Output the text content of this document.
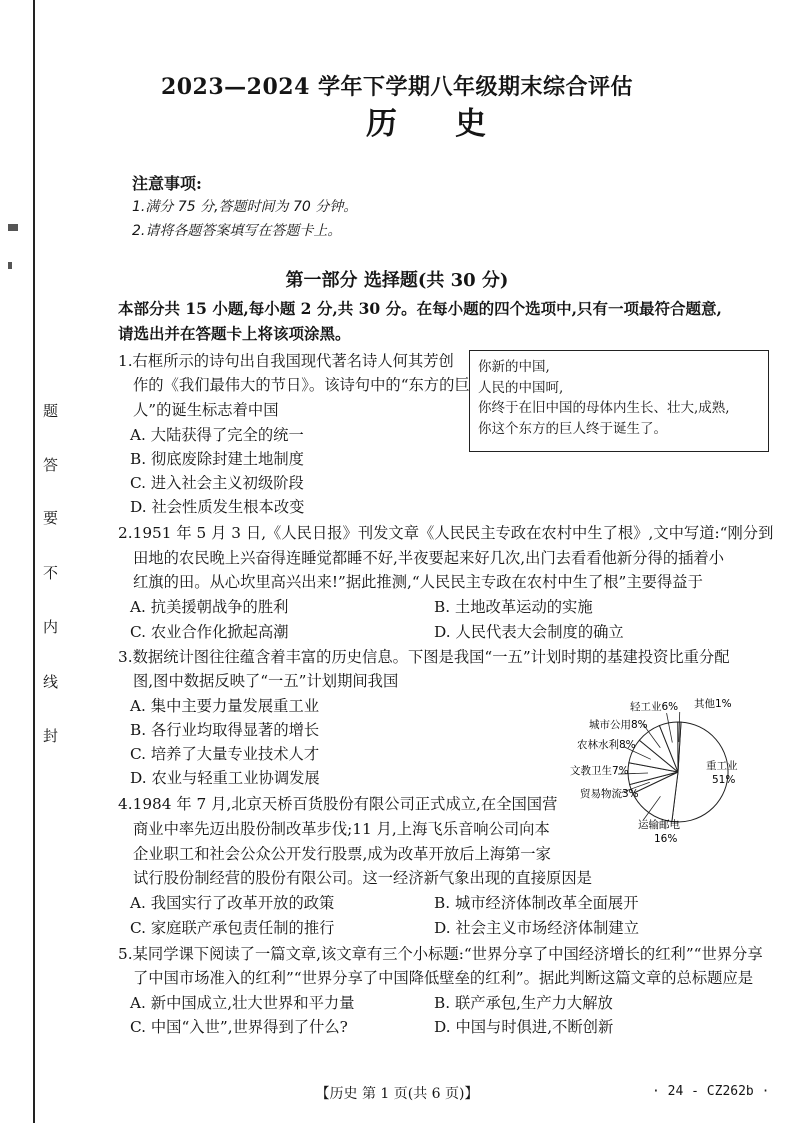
题
答
要
不
内
线
封
2023—2024 学年下学期八年级期末综合评估
历史
注意事项:
1.满分 75 分,答题时间为 70 分钟。
2.请将各题答案填写在答题卡上。
第一部分 选择题(共 30 分)
本部分共 15 小题,每小题 2 分,共 30 分。在每小题的四个选项中,只有一项最符合题意,
请选出并在答题卡上将该项涂黑。
1.右框所示的诗句出自我国现代著名诗人何其芳创
作的《我们最伟大的节日》。该诗句中的“东方的巨
人”的诞生标志着中国
A. 大陆获得了完全的统一
B. 彻底废除封建土地制度
C. 进入社会主义初级阶段
D. 社会性质发生根本改变
你新的中国,
人民的中国呵,
你终于在旧中国的母体内生长、壮大,成熟,
你这个东方的巨人终于诞生了。
2.1951 年 5 月 3 日,《人民日报》刊发文章《人民民主专政在农村中生了根》,文中写道:“刚分到
田地的农民晚上兴奋得连睡觉都睡不好,半夜要起来好几次,出门去看看他新分得的插着小
红旗的田。从心坎里高兴出来!”据此推测,“人民民主专政在农村中生了根”主要得益于
A. 抗美援朝战争的胜利	B. 土地改革运动的实施
C. 农业合作化掀起高潮	D. 人民代表大会制度的确立
3.数据统计图往往蕴含着丰富的历史信息。下图是我国“一五”计划时期的基建投资比重分配
图,图中数据反映了“一五”计划期间我国
A. 集中主要力量发展重工业
B. 各行业均取得显著的增长
C. 培养了大量专业技术人才
D. 农业与轻重工业协调发展
重工业
51%
运输邮电
16%
贸易物流3%
文教卫生7%
农林水利8%
城市公用8%
轻工业6% 其他1%
4.1984 年 7 月,北京天桥百货股份有限公司正式成立,在全国国营
商业中率先迈出股份制改革步伐;11 月,上海飞乐音响公司向本
企业职工和社会公众公开发行股票,成为改革开放后上海第一家
试行股份制经营的股份有限公司。这一经济新气象出现的直接原因是
A. 我国实行了改革开放的政策	B. 城市经济体制改革全面展开
C. 家庭联产承包责任制的推行	D. 社会主义市场经济体制建立
5.某同学课下阅读了一篇文章,该文章有三个小标题:“世界分享了中国经济增长的红利”“世界分享
了中国市场准入的红利”“世界分享了中国降低壁垒的红利”。据此判断这篇文章的总标题应是
A. 新中国成立,壮大世界和平力量	B. 联产承包,生产力大解放
C. 中国“入世”,世界得到了什么?	D. 中国与时俱进,不断创新
【历史 第 1 页(共 6 页)】	· 24 - CZ262b ·
